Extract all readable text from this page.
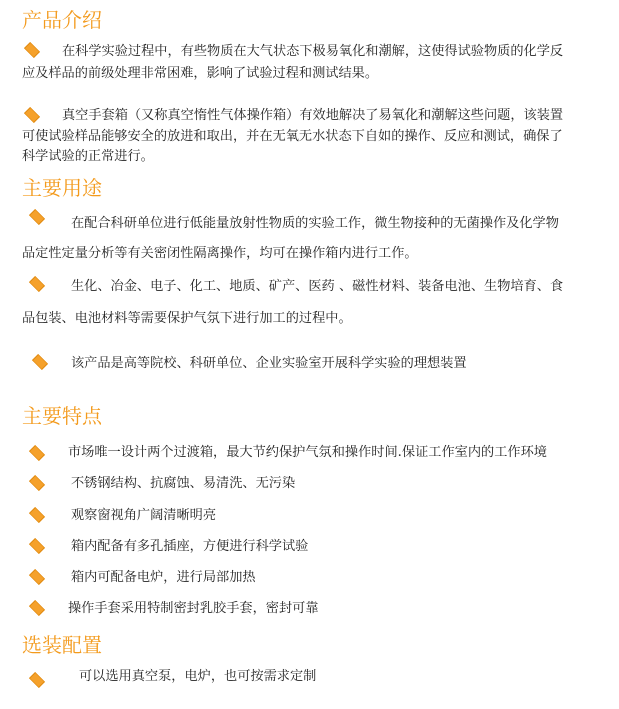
产品介绍
在科学实验过程中，有些物质在大气状态下极易氧化和潮解，这使得试验物质的化学反
应及样品的前级处理非常困难，影响了试验过程和测试结果。
真空手套箱（又称真空惰性气体操作箱）有效地解决了易氧化和潮解这些问题，该装置
可使试验样品能够安全的放进和取出，并在无氧无水状态下自如的操作、反应和测试，确保了
科学试验的正常进行。
主要用途
在配合科研单位进行低能量放射性物质的实验工作，微生物接种的无菌操作及化学物
品定性定量分析等有关密闭性隔离操作，均可在操作箱内进行工作。
生化、冶金、电子、化工、地质、矿产、医药 、磁性材料、装备电池、生物培育、食
品包装、电池材料等需要保护气氛下进行加工的过程中。
该产品是高等院校、科研单位、企业实验室开展科学实验的理想装置
主要特点
市场唯一设计两个过渡箱，最大节约保护气氛和操作时间.保证工作室内的工作环境
不锈钢结构、抗腐蚀、易清洗、无污染
观察窗视角广阔清晰明亮
箱内配备有多孔插座，方便进行科学试验
箱内可配备电炉，进行局部加热
操作手套采用特制密封乳胶手套，密封可靠
选装配置
可以选用真空泵，电炉，也可按需求定制
